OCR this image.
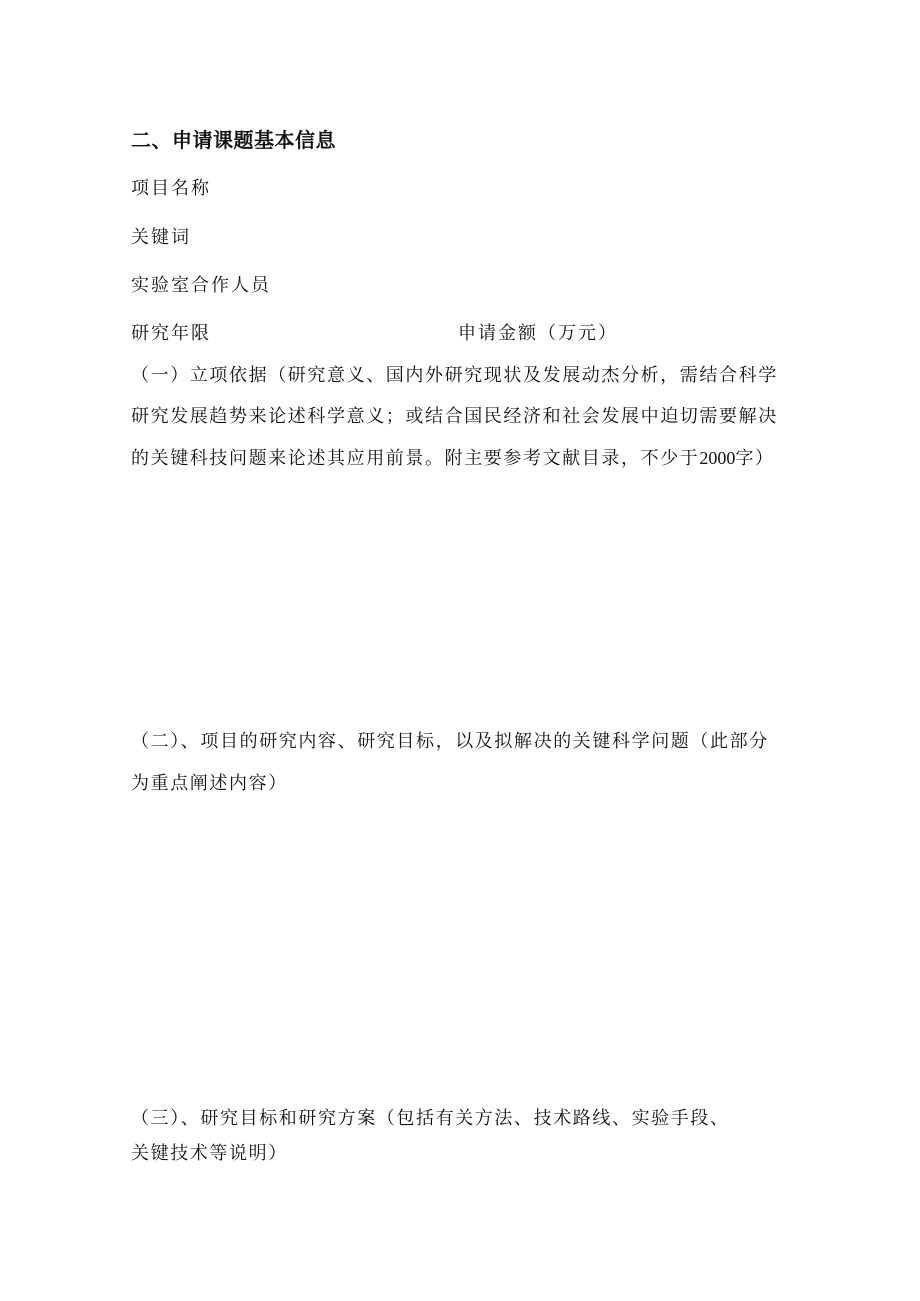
二、申请课题基本信息
项目名称
关键词
实验室合作人员
研究年限	申请金额（万元）
（一）立项依据（研究意义、国内外研究现状及发展动杰分析，需结合科学
研究发展趋势来论述科学意义；或结合国民经济和社会发展中迫切需要解决
的关键科技问题来论述其应用前景。附主要参考文献目录，不少于2000字）
（二）、项目的研究内容、研究目标，以及拟解决的关键科学问题（此部分
为重点阐述内容）
（三）、研究目标和研究方案（包括有关方法、技术路线、实验手段、
关键技术等说明）
